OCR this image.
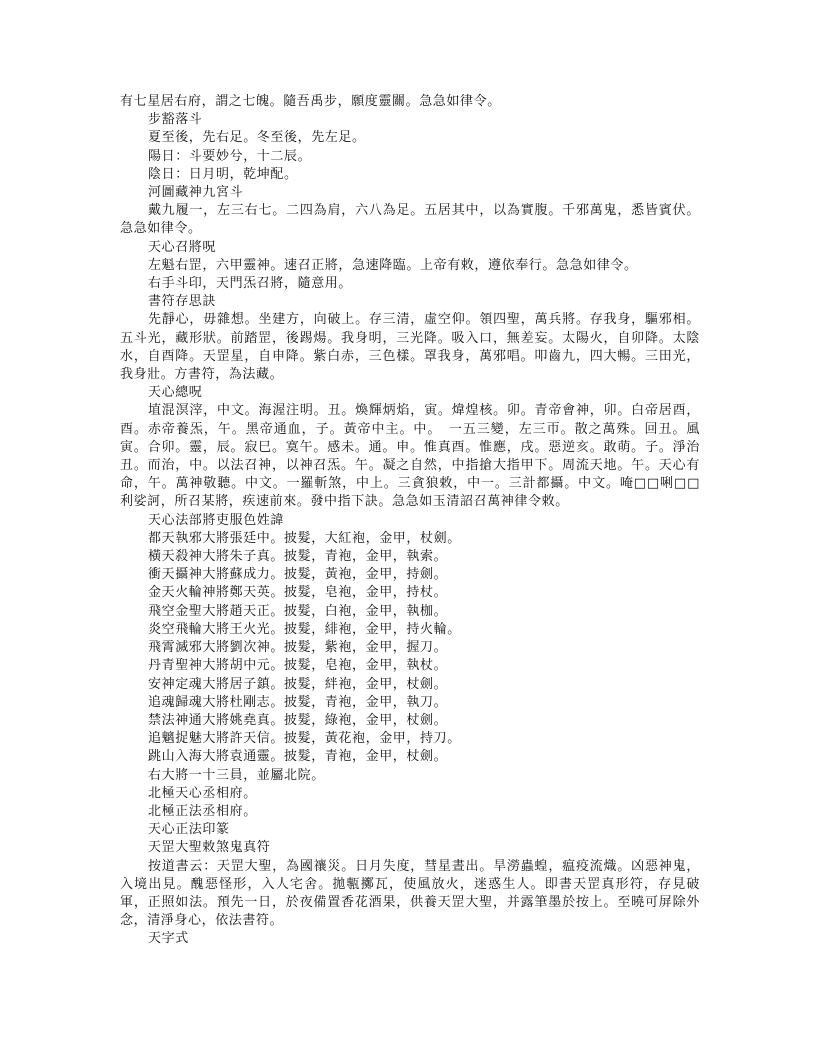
有七星居右府，謂之七魄。隨吾禹步，願度靈關。急急如律令。

步豁落斗

夏至後，先右足。冬至後，先左足。

陽日：斗要妙兮，十二辰。

陰日：日月明，乾坤配。

河圖藏神九宮斗

戴九履一，左三右七。二四為肩，六八為足。五居其中，以為實腹。千邪萬鬼，悉皆賓伏。急急如律令。

天心召將呪

左魁右罡，六甲靈神。速召正將，急速降臨。上帝有敕，遵依奉行。急急如律令。

右手斗印，天門炁召將，隨意用。

書符存思訣

先靜心，毋雜想。坐建方，向破上。存三清，虛空仰。領四聖，萬兵將。存我身，驅邪相。五斗光，藏形狀。前踏罡，後踢煬。我身明，三光降。吸入口，無差妄。太陽火，自卯降。太陰水，自酉降。天罡星，自申降。紫白赤，三色樣。罩我身，萬邪唱。叩齒九，四大暢。三田光，我身壯。方書符，為法藏。

天心總呪

埴混溟滓，中文。海渥注明。丑。煥輝炳焰，寅。煒煌核。卯。青帝會神，卯。白帝居酉，酉。赤帝養炁，午。黑帝通血，子。黃帝中主。中。　一五三變，左三帀。散之萬殊。回丑。風寅。合卯。靈，辰。寂巳。寞午。感未。通。申。惟真酉。惟應，戌。惡逆亥。敢萌。子。淨治丑。而治，中。以法召神，以神召炁。午。凝之自然，中指搶大指甲下。周流天地。午。天心有命，午。萬神敬聽。中文。一羅斬煞，中上。三貪狼敕，中一。三計都攝。中文。唵□□唎□□利娑訶，所召某將，疾速前來。發中指下訣。急急如玉清詔召萬神律令敕。

天心法部將吏服色姓諱

都天執邪大將張廷中。披髮，大紅袍，金甲，杖劍。

橫天殺神大將朱子真。披髮，青袍，金甲，執索。

衝天攝神大將蘇成力。披髮，黃袍，金甲，持劍。

金天火輪神將鄭天英。披髮，皂袍，金甲，持杖。

飛空金聖大將趙天正。披髮，白袍，金甲，執枷。

炎空飛輪大將王火光。披髮，緋袍，金甲，持火輪。

飛霄滅邪大將劉次神。披髮，紫袍，金甲，握刀。

丹青聖神大將胡中元。披髮，皂袍，金甲，執杖。

安神定魂大將居子鎮。披髮，絆袍，金甲，杖劍。

追魂歸魂大將杜剛志。披髮，青袍，金甲，執刀。

禁法神通大將姚堯真。披髮，綠袍，金甲，杖劍。

追魑捉魅大將許天信。披髮，黃花袍，金甲，持刀。

跳山入海大將袁通靈。披髮，青袍，金甲，杖劍。

右大將一十三員，並屬北院。

北極天心丞相府。

北極正法丞相府。

天心正法印篆

天罡大聖敕煞鬼真符

按道書云：天罡大聖，為國禳災。日月失度，彗星晝出。旱澇蟲蝗，瘟疫流熾。凶惡神鬼，入境出見。醜惡怪形，入人宅舍。拋甎擲瓦，使風放火，迷惑生人。即書天罡真形符，存見破軍，正照如法。預先一日，於夜備置香花酒果，供養天罡大聖，并露筆墨於按上。至曉可屏除外念，清淨身心，依法書符。

天字式
